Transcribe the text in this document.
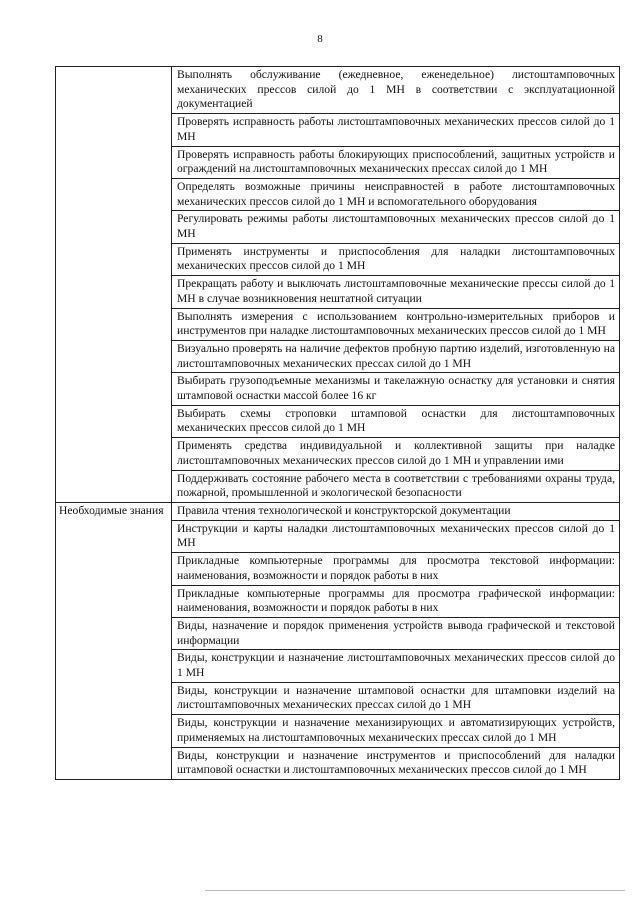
8
	Выполнять обслуживание (ежедневное, еженедельное) листоштамповочных механических прессов силой до 1 МН в соответствии с эксплуатационной документацией
	Проверять исправность работы листоштамповочных механических прессов силой до 1 МН
	Проверять исправность работы блокирующих приспособлений, защитных устройств и ограждений на листоштамповочных механических прессах силой до 1 МН
	Определять возможные причины неисправностей в работе листоштамповочных механических прессов силой до 1 МН и вспомогательного оборудования
	Регулировать режимы работы листоштамповочных механических прессов силой до 1 МН
	Применять инструменты и приспособления для наладки листоштамповочных механических прессов силой до 1 МН
	Прекращать работу и выключать листоштамповочные механические прессы силой до 1 МН в случае возникновения нештатной ситуации
	Выполнять измерения с использованием контрольно-измерительных приборов и инструментов при наладке листоштамповочных механических прессов силой до 1 МН
	Визуально проверять на наличие дефектов пробную партию изделий, изготовленную на листоштамповочных механических прессах силой до 1 МН
	Выбирать грузоподъемные механизмы и такелажную оснастку для установки и снятия штамповой оснастки массой более 16 кг
	Выбирать схемы строповки штамповой оснастки для листоштамповочных механических прессов силой до 1 МН
	Применять средства индивидуальной и коллективной защиты при наладке листоштамповочных механических прессов силой до 1 МН и управлении ими
	Поддерживать состояние рабочего места в соответствии с требованиями охраны труда, пожарной, промышленной и экологической безопасности
Необходимые знания	Правила чтения технологической и конструкторской документации
	Инструкции и карты наладки листоштамповочных механических прессов силой до 1 МН
	Прикладные компьютерные программы для просмотра текстовой информации: наименования, возможности и порядок работы в них
	Прикладные компьютерные программы для просмотра графической информации: наименования, возможности и порядок работы в них
	Виды, назначение и порядок применения устройств вывода графической и текстовой информации
	Виды, конструкции и назначение листоштамповочных механических прессов силой до 1 МН
	Виды, конструкции и назначение штамповой оснастки для штамповки изделий на листоштамповочных механических прессах силой до 1 МН
	Виды, конструкции и назначение механизирующих и автоматизирующих устройств, применяемых на листоштамповочных механических прессах силой до 1 МН
	Виды, конструкции и назначение инструментов и приспособлений для наладки штамповой оснастки и листоштамповочных механических прессов силой до 1 МН
